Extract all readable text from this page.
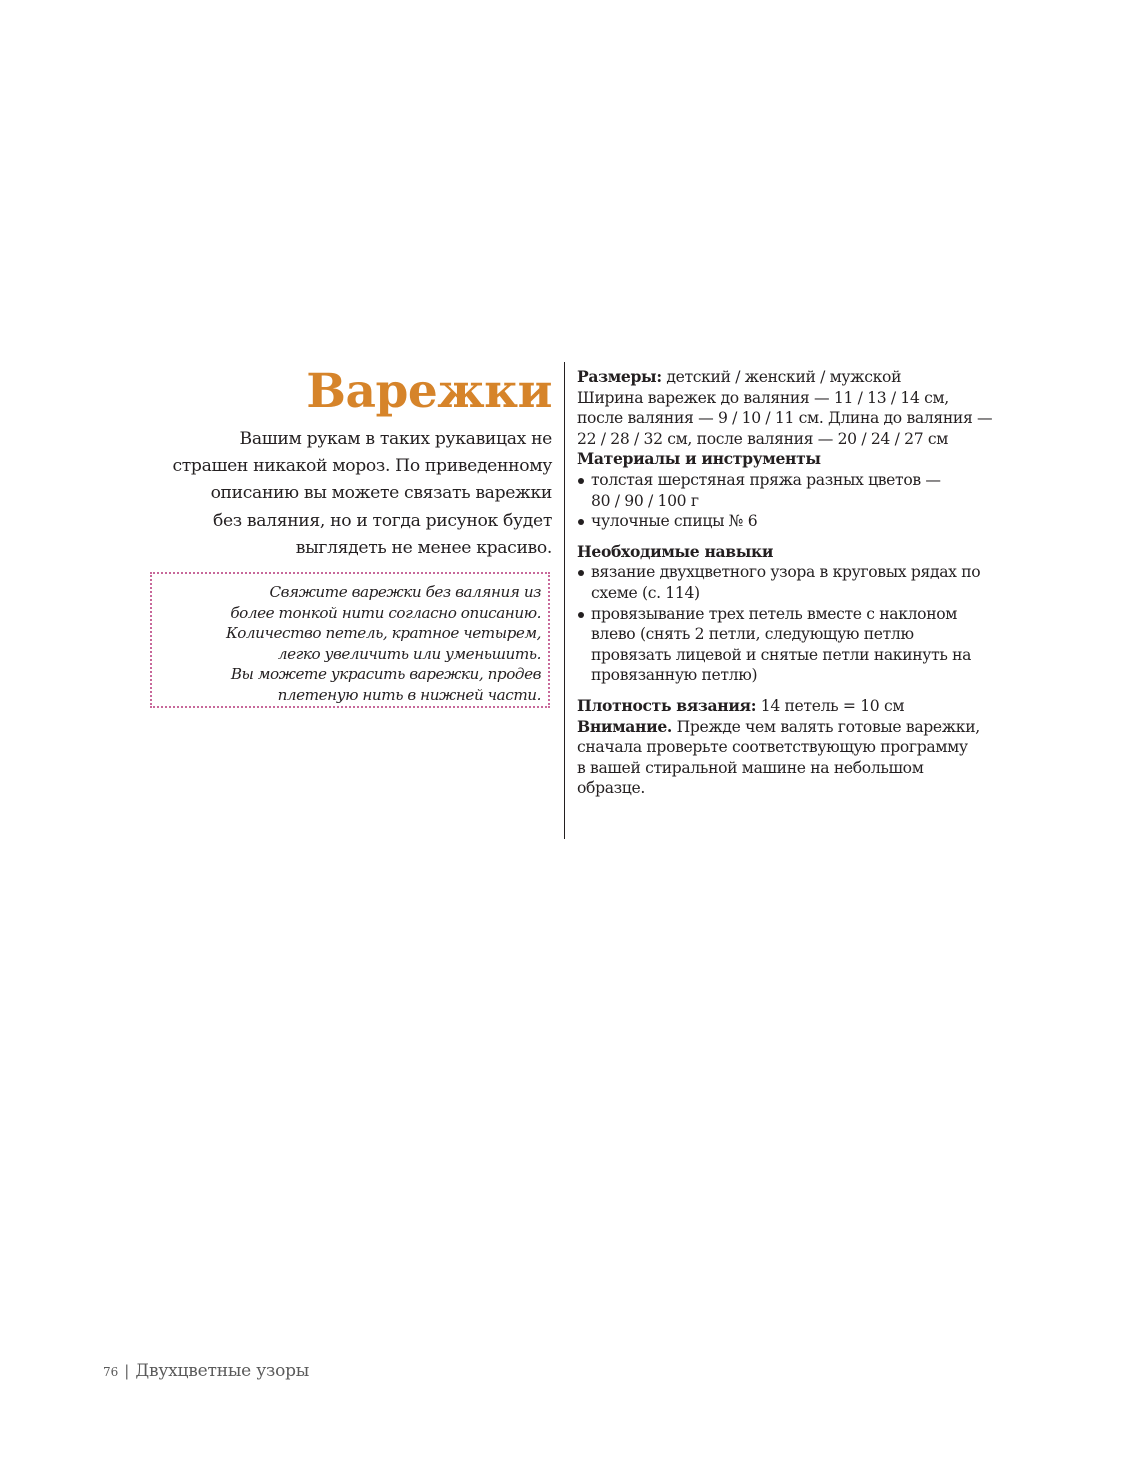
Варежки

Вашим рукам в таких рукавицах не
страшен никакой мороз. По приведенному
описанию вы можете связать варежки
без валяния, но и тогда рисунок будет
выглядеть не менее красиво.

Свяжите варежки без валяния из
более тонкой нити согласно описанию.
Количество петель, кратное четырем,
легко увеличить или уменьшить.
Вы можете украсить варежки, продев
плетеную нить в нижней части.

Размеры: детский / женский / мужской

Ширина варежек до валяния — 11 / 13 / 14 см,
после валяния — 9 / 10 / 11 см. Длина до валяния —
22 / 28 / 32 см, после валяния — 20 / 24 / 27 см

Материалы и инструменты
толстая шерстяная пряжа разных цветов —
80 / 90 / 100 г
чулочные спицы № 6
Необходимые навыки
вязание двухцветного узора в круговых рядах по
схеме (с. 114)
провязывание трех петель вместе с наклоном
влево (снять 2 петли, следующую петлю
провязать лицевой и снятые петли накинуть на
провязанную петлю)

Плотность вязания: 14 петель = 10 см

Внимание. Прежде чем валять готовые варежки,
сначала проверьте соответствующую программу
в вашей стиральной машине на небольшом
образце.

76 | Двухцветные узоры
